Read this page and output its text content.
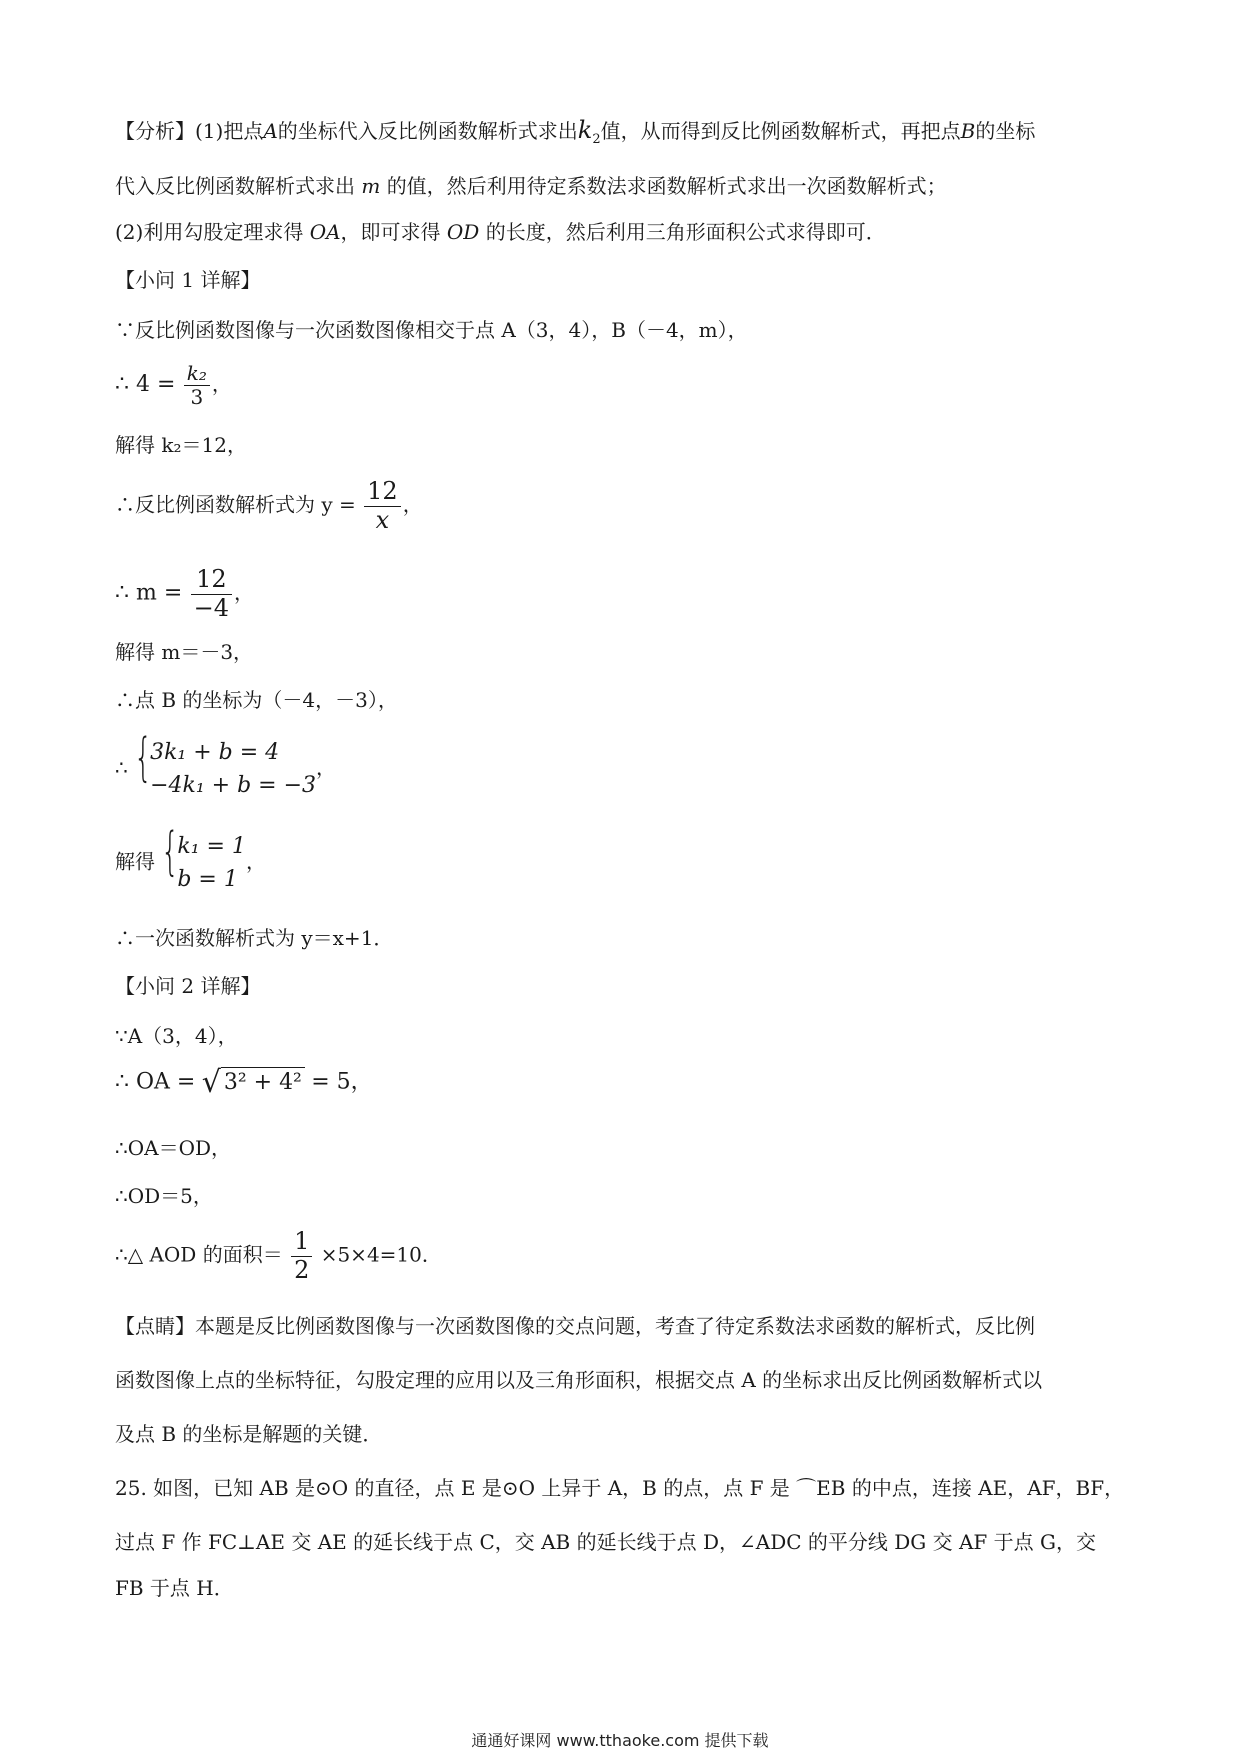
【分析】(1)把点A的坐标代入反比例函数解析式求出$k_2$值，从而得到反比例函数解析式，再把点B的坐标
代入反比例函数解析式求出 m 的值，然后利用待定系数法求函数解析式求出一次函数解析式；
(2)利用勾股定理求得 OA，即可求得 OD 的长度，然后利用三角形面积公式求得即可．
【小问 1 详解】
∵反比例函数图像与一次函数图像相交于点 A（3，4），B（－4，m），
∴ $4 = \frac{\text{k₂}}{3}$ ，
解得 k₂＝12，
∴反比例函数解析式为 $y = \frac{12}{x}$ ，
∴ $m = \frac{12}{-4}$ ，
解得 m＝－3，
∴点 B 的坐标为（－4，－3），
∴ {
3k₁ + b = 4
−4k₁ + b = −3
，
解得 {
k₁ = 1
b = 1
，
∴一次函数解析式为 y＝x+1．
【小问 2 详解】
∵A（3，4），
∴ OA = √ 3² + 4² = 5，
∴OA＝OD，
∴OD＝5，
∴△ AOD 的面积＝ $\frac{1}{2} \times 5\times 4=10$．
【点睛】本题是反比例函数图像与一次函数图像的交点问题，考查了待定系数法求函数的解析式，反比例
函数图像上点的坐标特征，勾股定理的应用以及三角形面积，根据交点 A 的坐标求出反比例函数解析式以
及点 B 的坐标是解题的关键．
25. 如图，已知 AB 是⊙O 的直径，点 E 是⊙O 上异于 A，B 的点，点 F 是 ⌒EB 的中点，连接 AE，AF，BF，
过点 F 作 FC⊥AE 交 AE 的延长线于点 C，交 AB 的延长线于点 D，∠ADC 的平分线 DG 交 AF 于点 G，交
FB 于点 H．
通通好课网 www.tthaoke.com 提供下载
